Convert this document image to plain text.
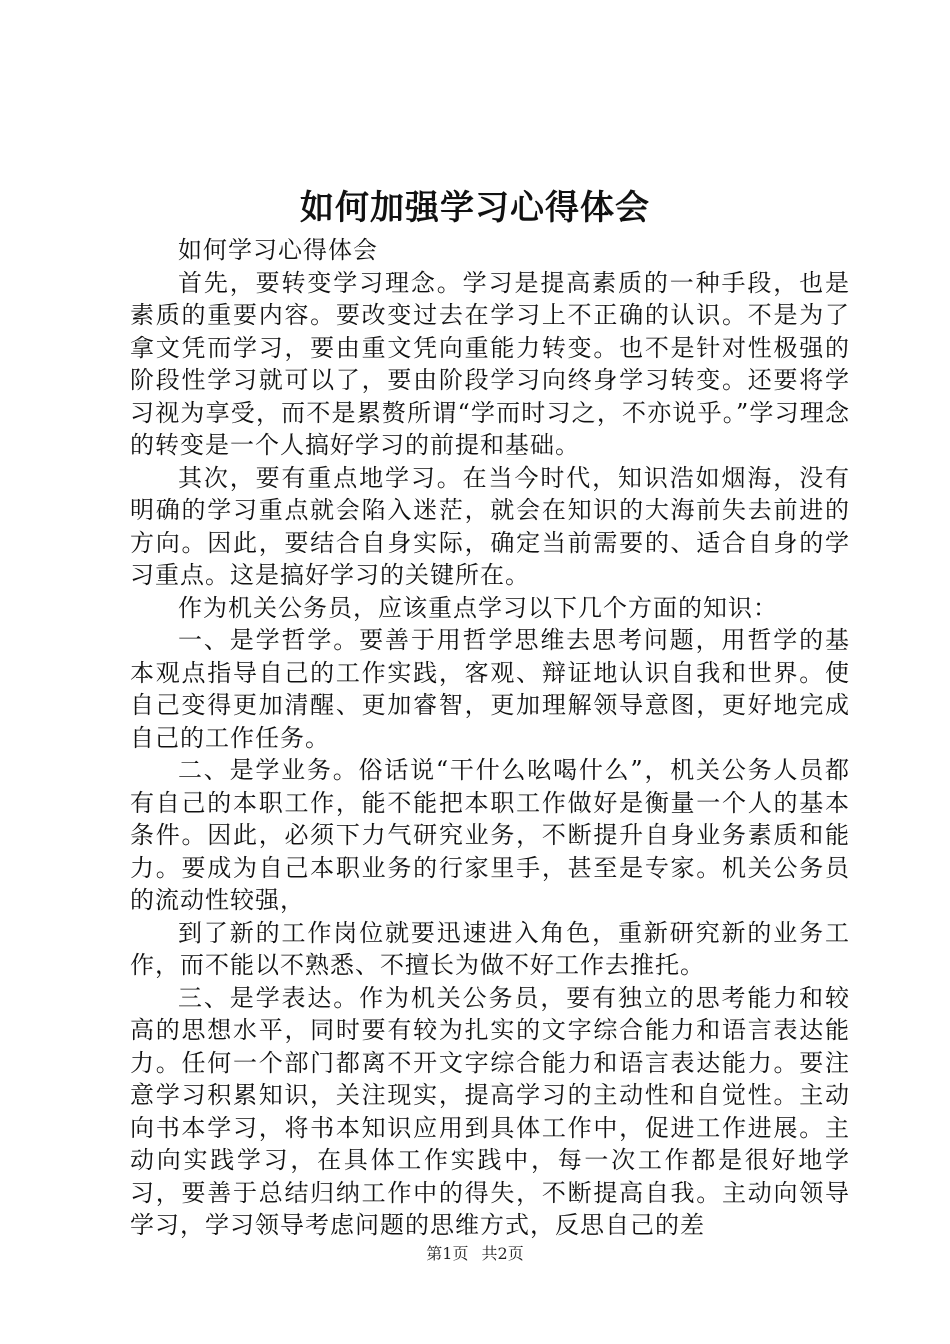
如何加强学习心得体会

如何学习心得体会

首先，要转变学习理念。学习是提高素质的一种手段，也是素质的重要内容。要改变过去在学习上不正确的认识。不是为了拿文凭而学习，要由重文凭向重能力转变。也不是针对性极强的阶段性学习就可以了，要由阶段学习向终身学习转变。还要将学习视为享受，而不是累赘所谓“学而时习之，不亦说乎。”学习理念的转变是一个人搞好学习的前提和基础。

其次，要有重点地学习。在当今时代，知识浩如烟海，没有明确的学习重点就会陷入迷茫，就会在知识的大海前失去前进的方向。因此，要结合自身实际，确定当前需要的、适合自身的学习重点。这是搞好学习的关键所在。

作为机关公务员，应该重点学习以下几个方面的知识：

一、是学哲学。要善于用哲学思维去思考问题，用哲学的基本观点指导自己的工作实践，客观、辩证地认识自我和世界。使自己变得更加清醒、更加睿智，更加理解领导意图，更好地完成自己的工作任务。

二、是学业务。俗话说“干什么吆喝什么”，机关公务人员都有自己的本职工作，能不能把本职工作做好是衡量一个人的基本条件。因此，必须下力气研究业务，不断提升自身业务素质和能力。要成为自己本职业务的行家里手，甚至是专家。机关公务员的流动性较强，

到了新的工作岗位就要迅速进入角色，重新研究新的业务工作，而不能以不熟悉、不擅长为做不好工作去推托。

三、是学表达。作为机关公务员，要有独立的思考能力和较高的思想水平，同时要有较为扎实的文字综合能力和语言表达能力。任何一个部门都离不开文字综合能力和语言表达能力。要注意学习积累知识，关注现实，提高学习的主动性和自觉性。主动向书本学习，将书本知识应用到具体工作中，促进工作进展。主动向实践学习，在具体工作实践中，每一次工作都是很好地学习，要善于总结归纳工作中的得失，不断提高自我。主动向领导学习，学习领导考虑问题的思维方式，反思自己的差

第1页 共2页
